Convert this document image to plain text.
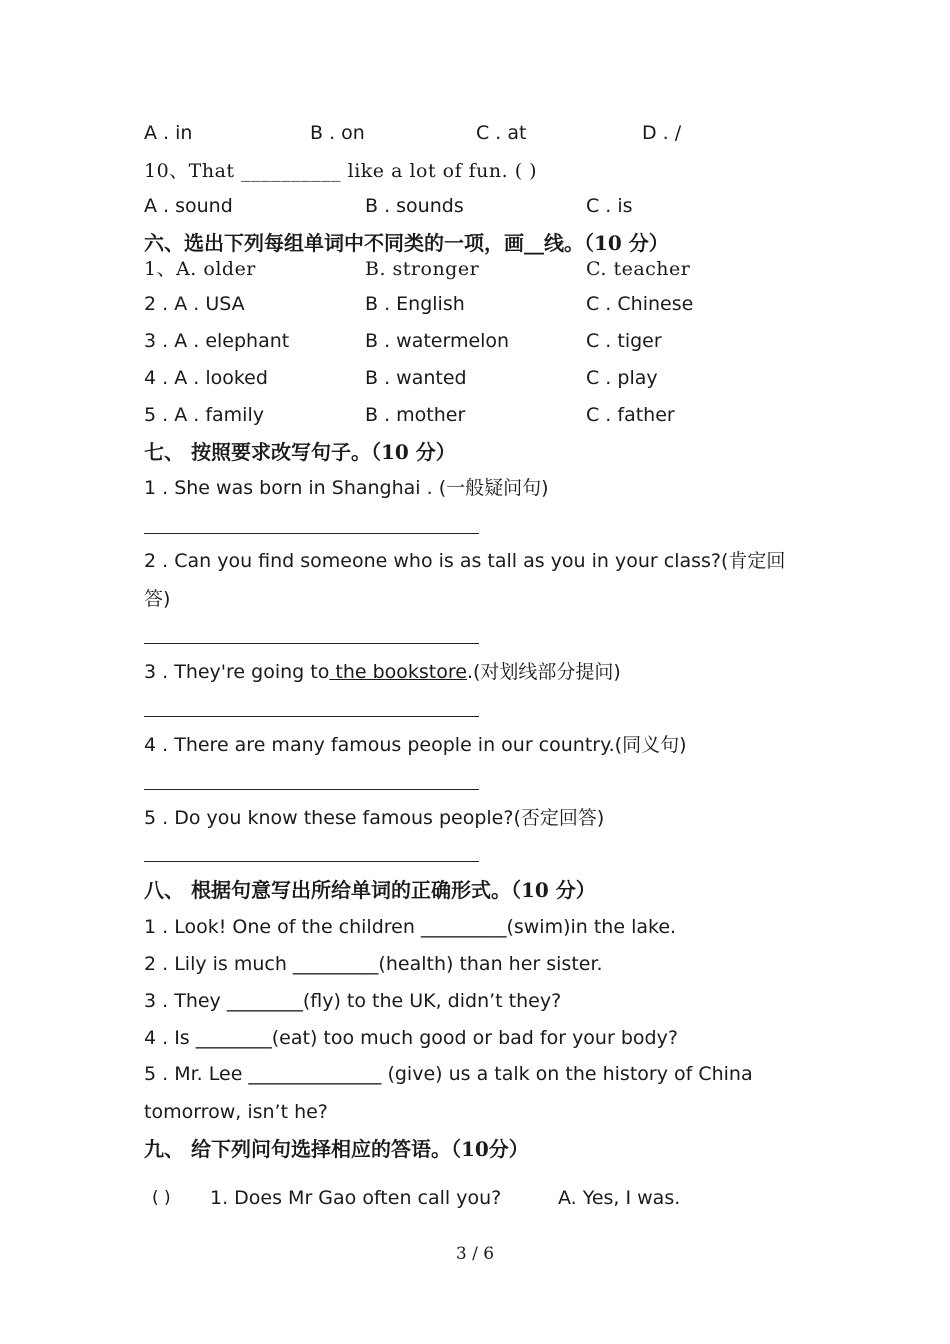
A . in	B . on	C . at	D . /
10、That __________ like a lot of fun. ( )
A . sound	B . sounds	C . is
六、选出下列每组单词中不同类的一项，画__线。（10 分）
1、A. older	B. stronger	C. teacher
2 . A . USA	B . English	C . Chinese
3 . A . elephant	B . watermelon	C . tiger
4 . A . looked	B . wanted	C . play
5 . A . family	B . mother	C . father
七、 按照要求改写句子。（10 分）
1 . She was born in Shanghai . (一般疑问句)
2 . Can you find someone who is as tall as you in your class?(肯定回
答)
3 . They're going to the bookstore.(对划线部分提问)
4 . There are many famous people in our country.(同义句)
5 . Do you know these famous people?(否定回答)
八、 根据句意写出所给单词的正确形式。（10 分）
1 . Look! One of the children _________(swim)in the lake.
2 . Lily is much _________(health) than her sister.
3 . They ________(fly) to the UK, didn’t they?
4 . Is ________(eat) too much good or bad for your body?
5 . Mr. Lee ______________ (give) us a talk on the history of China
tomorrow, isn’t he?
九、 给下列问句选择相应的答语。（10分）
( ) 1. Does Mr Gao often call you?	A. Yes, I was.
3 / 6
